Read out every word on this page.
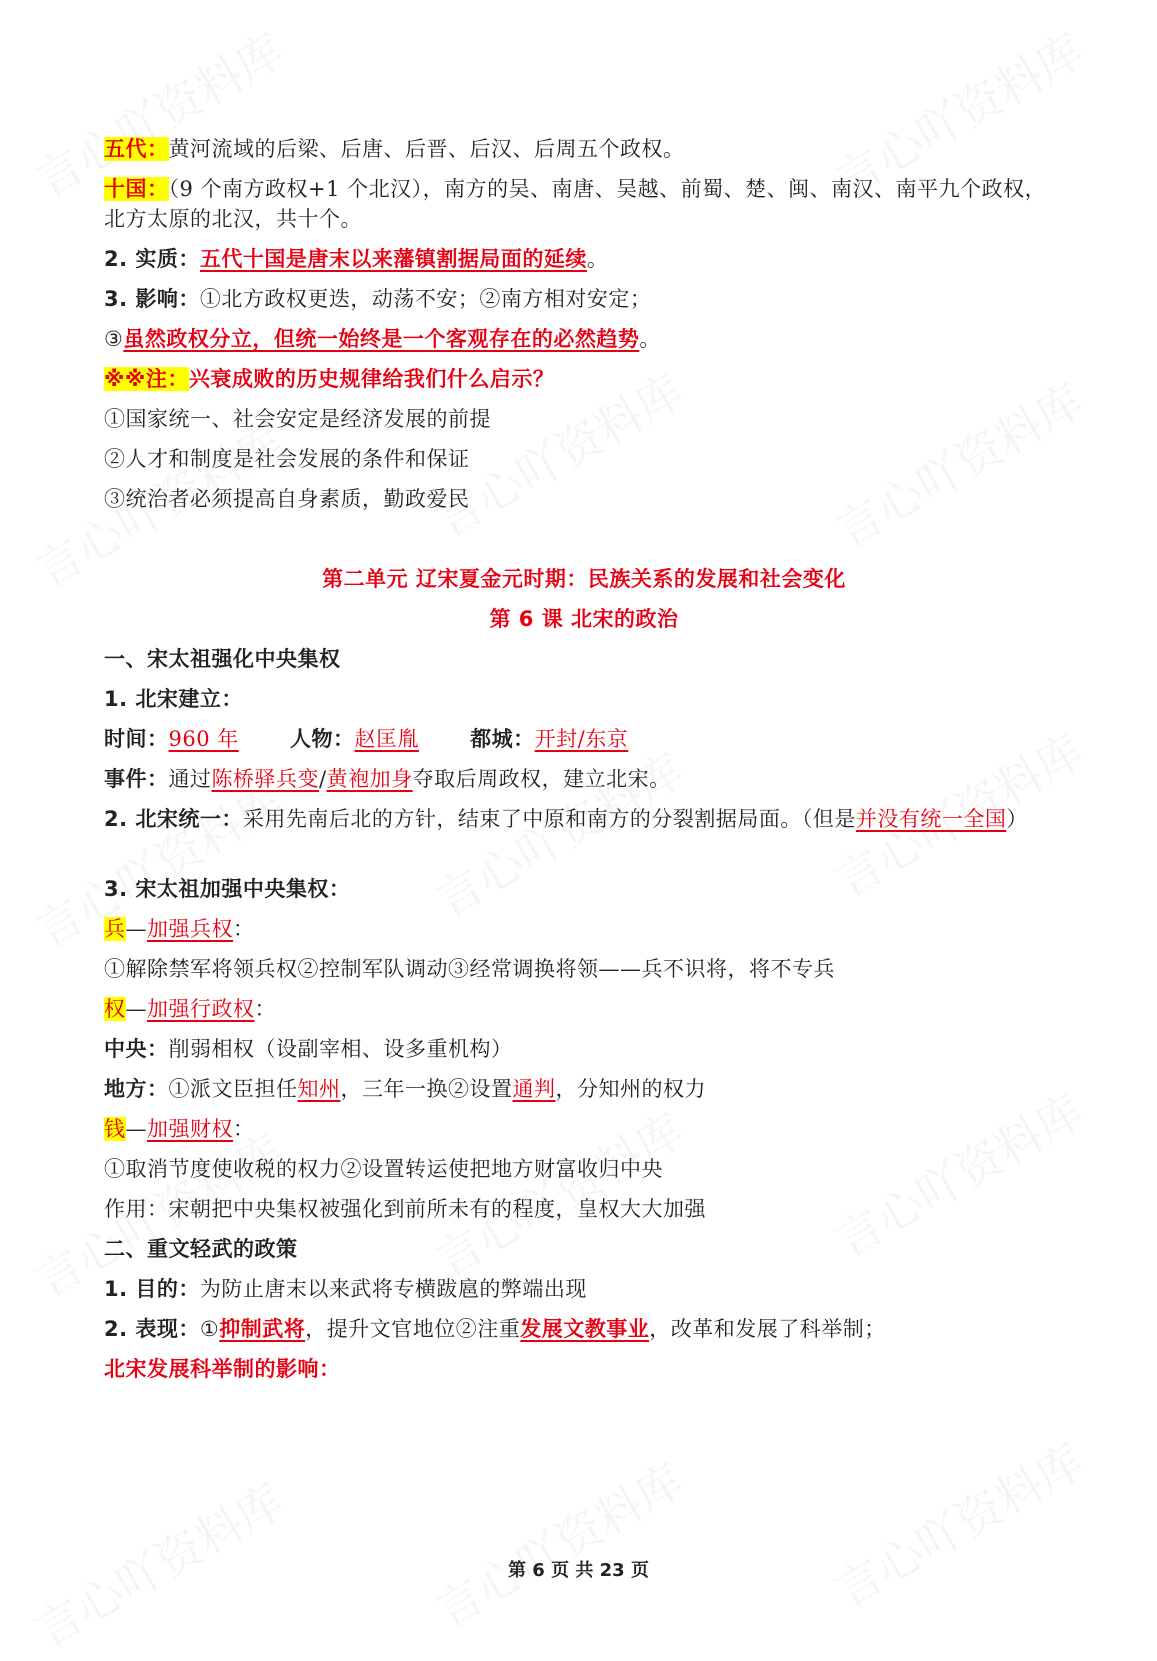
五代：黄河流域的后梁、后唐、后晋、后汉、后周五个政权。
十国：（9 个南方政权+1 个北汉），南方的吴、南唐、吴越、前蜀、楚、闽、南汉、南平九个政权，北方太原的北汉，共十个。
2. 实质：五代十国是唐末以来藩镇割据局面的延续。
3. 影响：①北方政权更迭，动荡不安；②南方相对安定；
③虽然政权分立，但统一始终是一个客观存在的必然趋势。
※※注：兴衰成败的历史规律给我们什么启示？
①国家统一、社会安定是经济发展的前提
②人才和制度是社会发展的条件和保证
③统治者必须提高自身素质，勤政爱民
第二单元 辽宋夏金元时期：民族关系的发展和社会变化
第 6 课 北宋的政治
一、宋太祖强化中央集权
1. 北宋建立：
时间：960 年 人物：赵匡胤 都城：开封/东京
事件：通过陈桥驿兵变/黄袍加身夺取后周政权，建立北宋。
2. 北宋统一：采用先南后北的方针，结束了中原和南方的分裂割据局面。（但是并没有统一全国）
3. 宋太祖加强中央集权：
兵—加强兵权：
①解除禁军将领兵权②控制军队调动③经常调换将领——兵不识将，将不专兵
权—加强行政权：
中央：削弱相权（设副宰相、设多重机构）
地方：①派文臣担任知州，三年一换②设置通判，分知州的权力
钱—加强财权：
①取消节度使收税的权力②设置转运使把地方财富收归中央
作用：宋朝把中央集权被强化到前所未有的程度，皇权大大加强
二、重文轻武的政策
1. 目的：为防止唐末以来武将专横跋扈的弊端出现
2. 表现：①抑制武将，提升文官地位②注重发展文教事业，改革和发展了科举制；
北宋发展科举制的影响：
第 6 页 共 23 页
